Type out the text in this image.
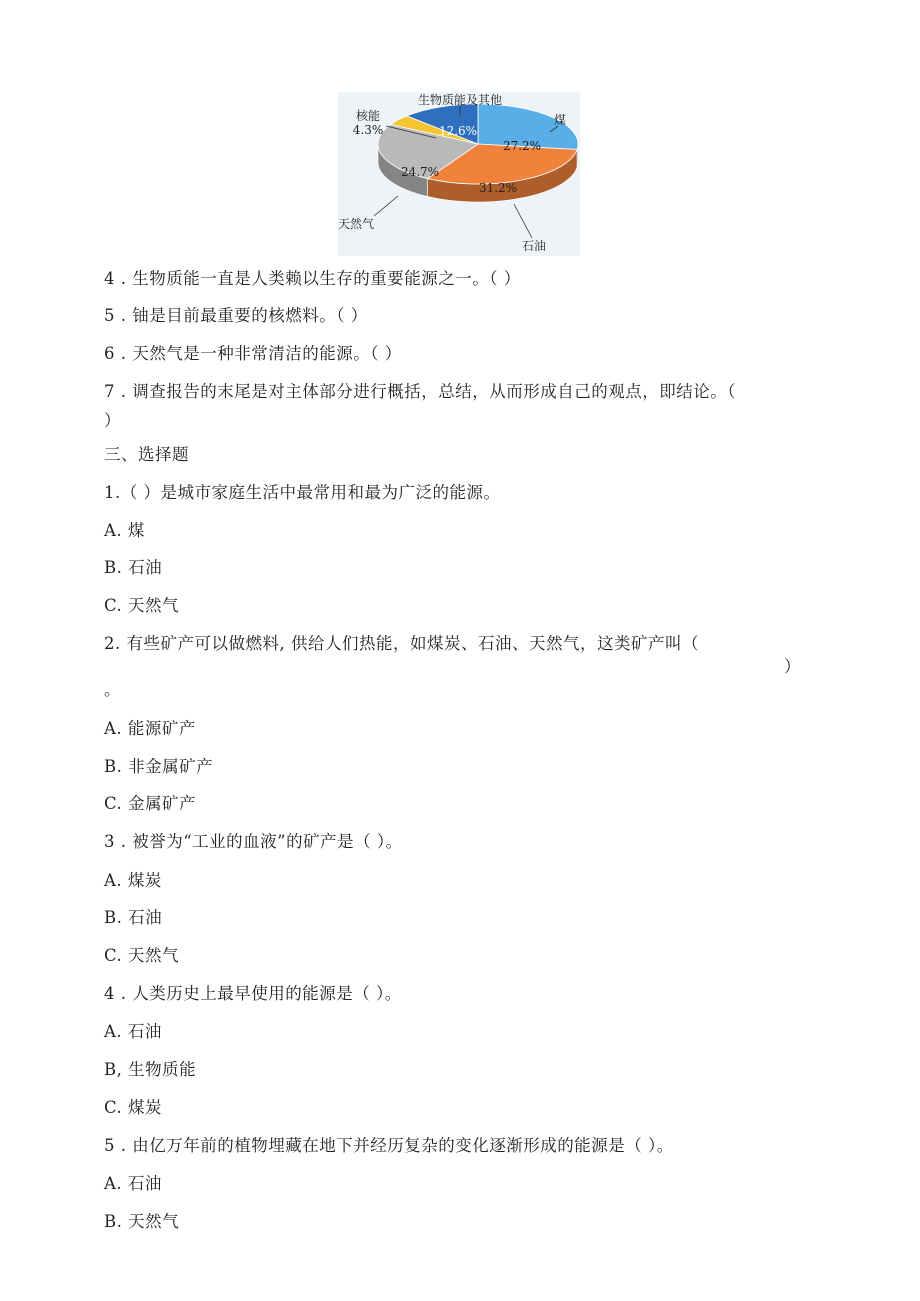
27.2%
煤
31.2%
石油
24.7%
天然气
12.6%
核能
4.3%
生物质能及其他
4 . 生物质能一直是人类赖以生存的重要能源之一。（ ）
5 . 铀是目前最重要的核燃料。（ ）
6 . 天然气是一种非常清洁的能源。（ ）
7 . 调查报告的末尾是对主体部分进行概括，总结，从而形成自己的观点，即结论。（
）
三、选择题
1.（ ）是城市家庭生活中最常用和最为广泛的能源。
A. 煤
B. 石油
C. 天然气
2. 有些矿产可以做燃料, 供给人们热能，如煤炭、石油、天然气，这类矿产叫（
）
。
A. 能源矿产
B. 非金属矿产
C. 金属矿产
3 . 被誉为“工业的血液”的矿产是（ ）。
A. 煤炭
B. 石油
C. 天然气
4 . 人类历史上最早使用的能源是（ ）。
A. 石油
B, 生物质能
C. 煤炭
5 . 由亿万年前的植物埋藏在地下并经历复杂的变化逐渐形成的能源是（ ）。
A. 石油
B. 天然气
